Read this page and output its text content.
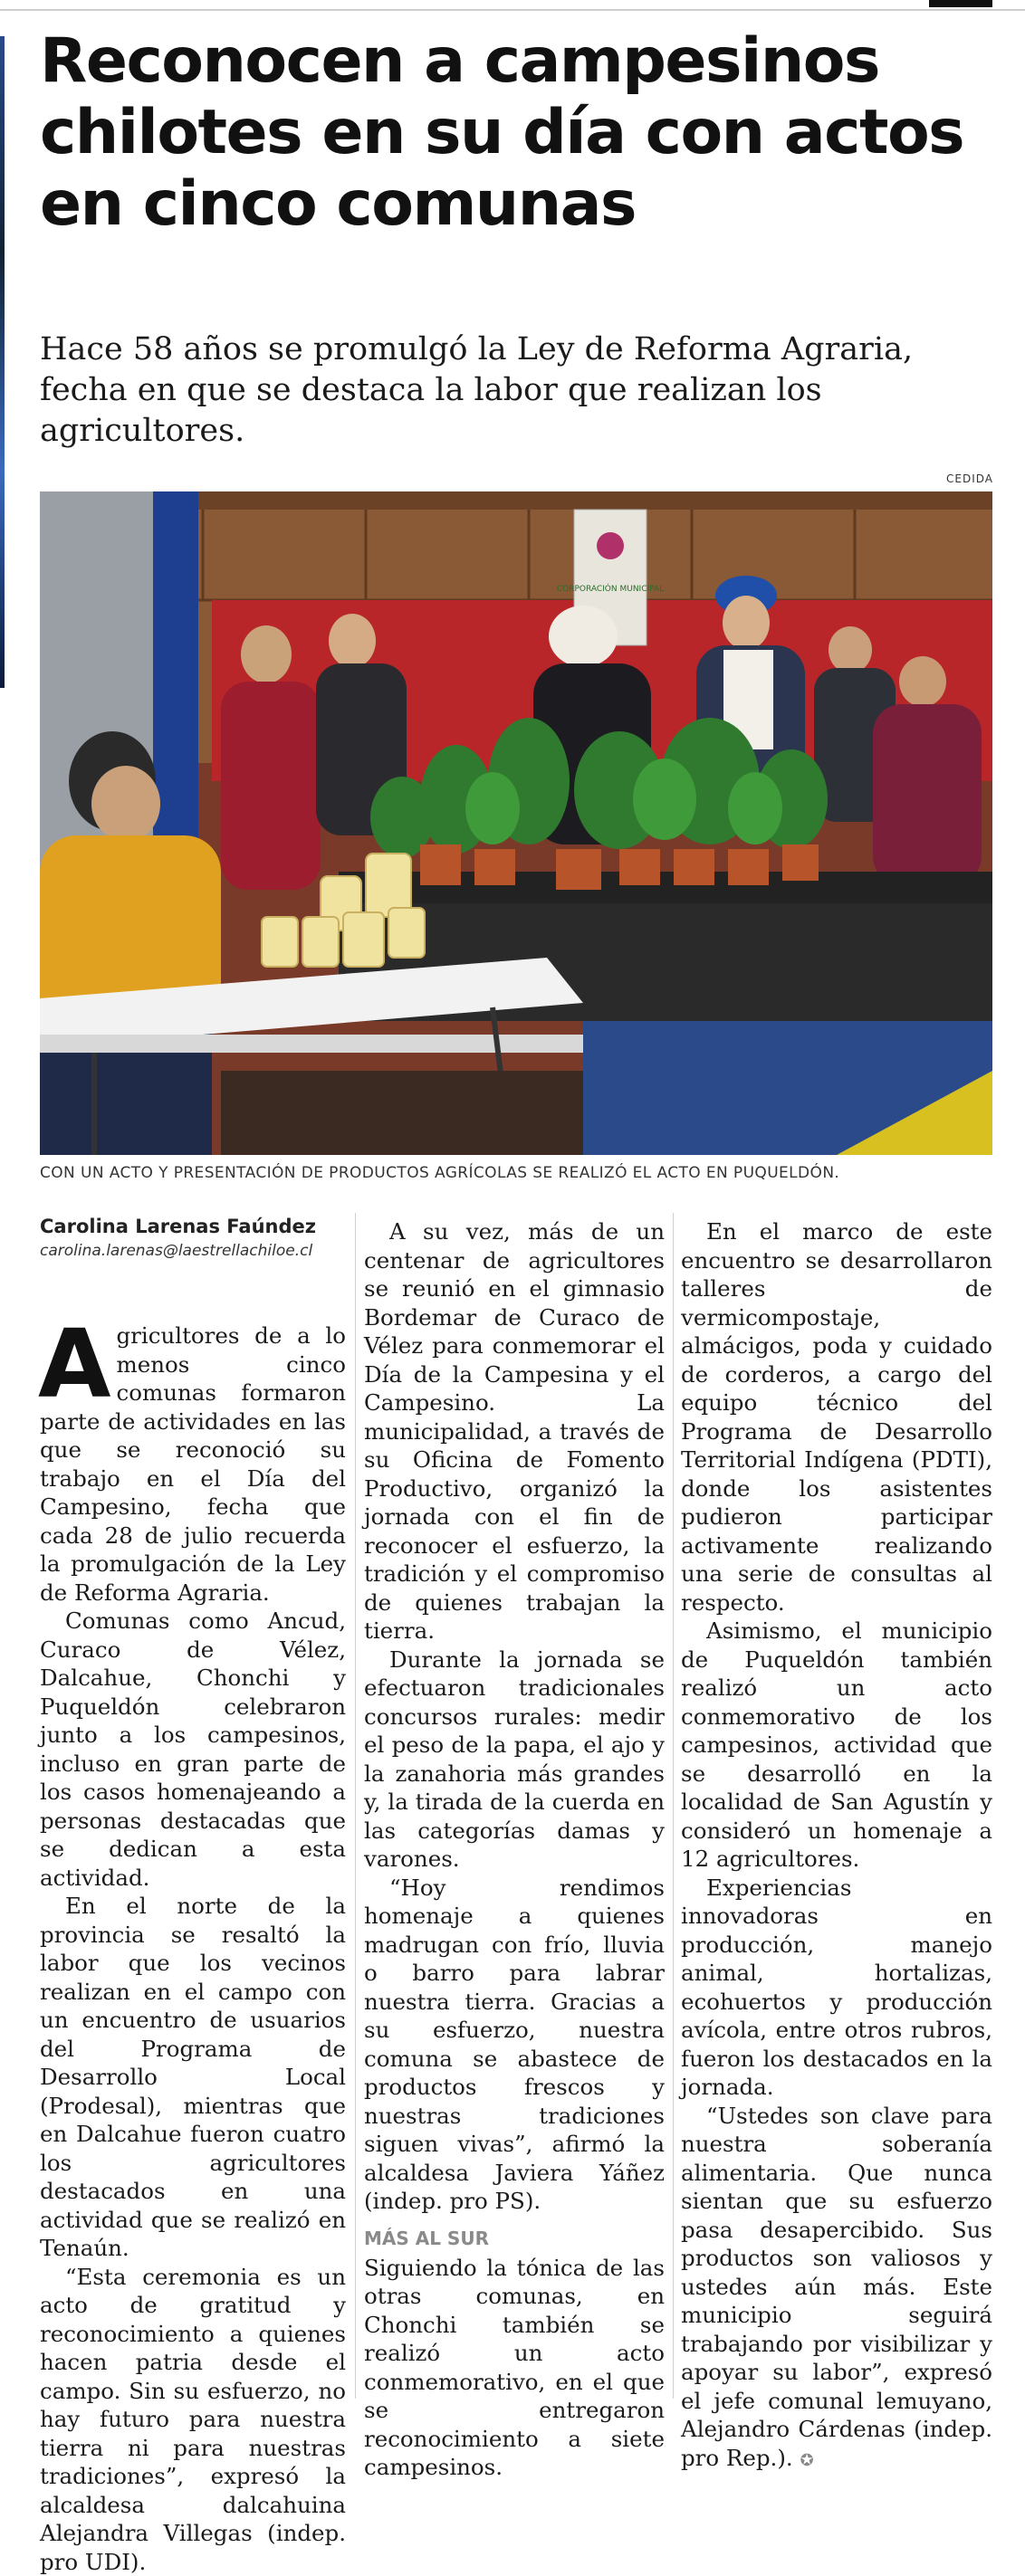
Reconocen a campesinos chilotes en su día con actos en cinco comunas

Hace 58 años se promulgó la Ley de Reforma Agraria, fecha en que se destaca la labor que realizan los agricultores.

CEDIDA
CORPORACIÓN MUNICIPAL
CON UN ACTO Y PRESENTACIÓN DE PRODUCTOS AGRÍCOLAS SE REALIZÓ EL ACTO EN PUQUELDÓN.
Carolina Larenas Faúndez
carolina.larenas@laestrellachiloe.cl

Agricultores de a lo menos cinco comunas formaron parte de actividades en las que se reconoció su trabajo en el Día del Campesino, fecha que cada 28 de julio recuerda la promulgación de la Ley de Reforma Agraria.

Comunas como Ancud, Curaco de Vélez, Dalcahue, Chonchi y Puqueldón celebraron junto a los campesinos, incluso en gran parte de los casos homenajeando a personas destacadas que se dedican a esta actividad.

En el norte de la provincia se resaltó la labor que los vecinos realizan en el campo con un encuentro de usuarios del Programa de Desarrollo Local (Prodesal), mientras que en Dalcahue fueron cuatro los agricultores destacados en una actividad que se realizó en Tenaún.

“Esta ceremonia es un acto de gratitud y reconocimiento a quienes hacen patria desde el campo. Sin su esfuerzo, no hay futuro para nuestra tierra ni para nuestras tradiciones”, expresó la alcaldesa dalcahuina Alejandra Villegas (indep. pro UDI).

A su vez, más de un centenar de agricultores se reunió en el gimnasio Bordemar de Curaco de Vélez para conmemorar el Día de la Campesina y el Campesino. La municipalidad, a través de su Oficina de Fomento Productivo, organizó la jornada con el fin de reconocer el esfuerzo, la tradición y el compromiso de quienes trabajan la tierra.

Durante la jornada se efectuaron tradicionales concursos rurales: medir el peso de la papa, el ajo y la zanahoria más grandes y, la tirada de la cuerda en las categorías damas y varones.

“Hoy rendimos homenaje a quienes madrugan con frío, lluvia o barro para labrar nuestra tierra. Gracias a su esfuerzo, nuestra comuna se abastece de productos frescos y nuestras tradiciones siguen vivas”, afirmó la alcaldesa Javiera Yáñez (indep. pro PS).

MÁS AL SUR

Siguiendo la tónica de las otras comunas, en Chonchi también se realizó un acto conmemorativo, en el que se entregaron reconocimiento a siete campesinos.

En el marco de este encuentro se desarrollaron talleres de vermicompostaje, almácigos, poda y cuidado de corderos, a cargo del equipo técnico del Programa de Desarrollo Territorial Indígena (PDTI), donde los asistentes pudieron participar activamente realizando una serie de consultas al respecto.

Asimismo, el municipio de Puqueldón también realizó un acto conmemorativo de los campesinos, actividad que se desarrolló en la localidad de San Agustín y consideró un homenaje a 12 agricultores.

Experiencias innovadoras en producción, manejo animal, hortalizas, ecohuertos y producción avícola, entre otros rubros, fueron los destacados en la jornada.

“Ustedes son clave para nuestra soberanía alimentaria. Que nunca sientan que su esfuerzo pasa desapercibido. Sus productos son valiosos y ustedes aún más. Este municipio seguirá trabajando por visibilizar y apoyar su labor”, expresó el jefe comunal lemuyano, Alejandro Cárdenas (indep. pro Rep.). ✪
